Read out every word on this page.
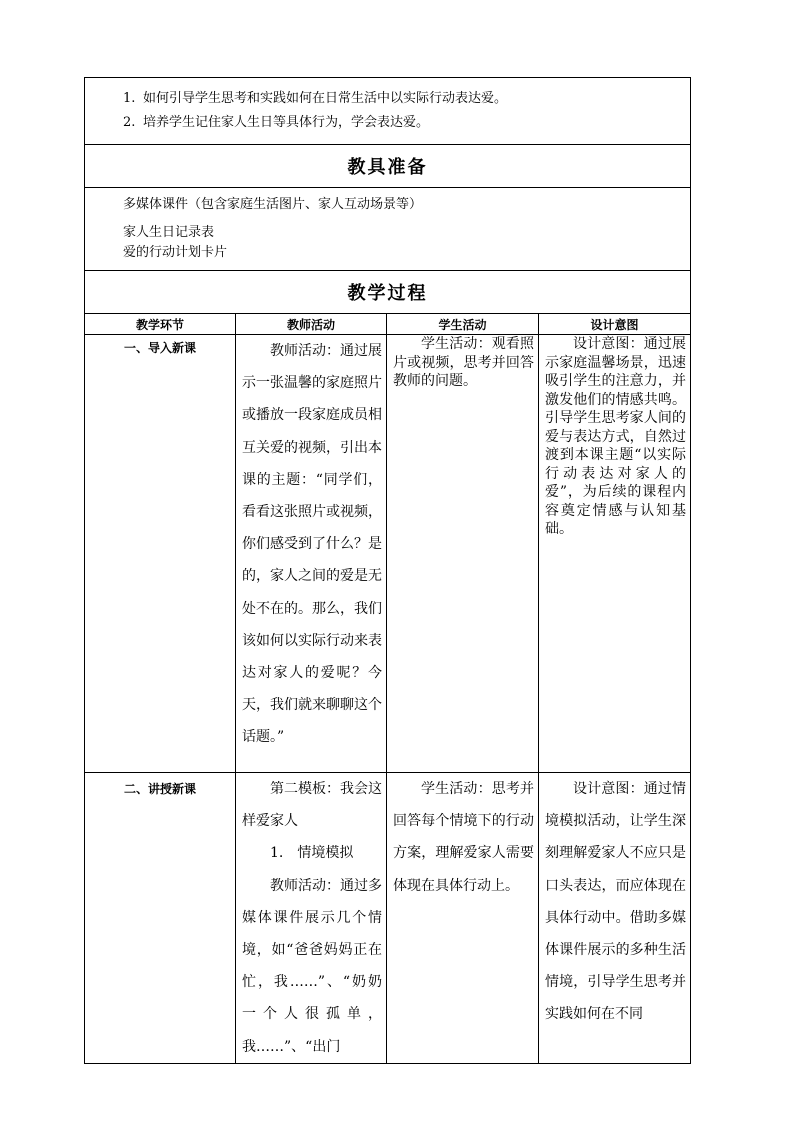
1. 如何引导学生思考和实践如何在日常生活中以实际行动表达爱。
2. 培养学生记住家人生日等具体行为，学会表达爱。			

教具准备			

多媒体课件（包含家庭生活图片、家人互动场景等）
家人生日记录表
爱的行动计划卡片			

教学过程			
教学环节	教师活动	学生活动	设计意图

一、导入新课	教师活动：通过展示一张温馨的家庭照片或播放一段家庭成员相互关爱的视频，引出本课的主题：“同学们，看看这张照片或视频，你们感受到了什么？是的，家人之间的爱是无处不在的。那么，我们该如何以实际行动来表达对家人的爱呢？今天，我们就来聊聊这个话题。”	学生活动：观看照片或视频，思考并回答教师的问题。	设计意图：通过展示家庭温馨场景，迅速吸引学生的注意力，并激发他们的情感共鸣。引导学生思考家人间的爱与表达方式，自然过渡到本课主题“以实际行动表达对家人的爱”，为后续的课程内容奠定情感与认知基础。

二、讲授新课	第二模板：我会这样爱家人
1.　情境模拟
教师活动：通过多媒体课件展示几个情境，如“爸爸妈妈正在忙，我……”、“奶奶一个人很孤单，我……”、“出门	学生活动：思考并回答每个情境下的行动方案，理解爱家人需要体现在具体行动上。	设计意图：通过情境模拟活动，让学生深刻理解爱家人不应只是口头表达，而应体现在具体行动中。借助多媒体课件展示的多种生活情境，引导学生思考并实践如何在不同
